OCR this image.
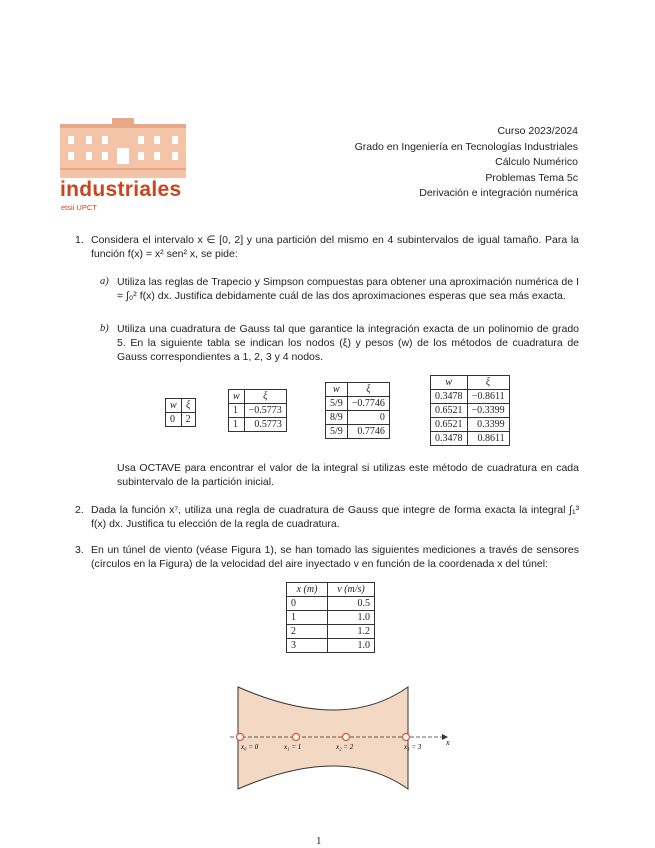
industriales
etsii UPCT
Curso 2023/2024
Grado en Ingeniería en Tecnologías Industriales
Cálculo Numérico
Problemas Tema 5c
Derivación e integración numérica
1. Considera el intervalo x ∈ [0, 2] y una partición del mismo en 4 subintervalos de igual tamaño. Para la función f(x) = x² sen² x, se pide:

a) Utiliza las reglas de Trapecio y Simpson compuestas para obtener una aproximación numérica de I = ∫₀² f(x) dx. Justifica debidamente cuál de las dos aproximaciones esperas que sea más exacta.

b) Utiliza una cuadratura de Gauss tal que garantice la integración exacta de un polinomio de grado 5. En la siguiente tabla se indican los nodos (ξ) y pesos (w) de los métodos de cuadratura de Gauss correspondientes a 1, 2, 3 y 4 nodos.

w	ξ
0	2
w	ξ
1	−0.5773
1	0.5773
w	ξ
5/9	−0.7746
8/9	0
5/9	0.7746
w	ξ
0.3478	−0.8611
0.6521	−0.3399
0.6521	0.3399
0.3478	0.8611

Usa OCTAVE para encontrar el valor de la integral si utilizas este método de cuadratura en cada subintervalo de la partición inicial.

2. Dada la función x⁷, utiliza una regla de cuadratura de Gauss que integre de forma exacta la integral ∫₁³ f(x) dx. Justifica tu elección de la regla de cuadratura.

3. En un túnel de viento (véase Figura 1), se han tomado las siguientes mediciones a través de sensores (círculos en la Figura) de la velocidad del aire inyectado v en función de la coordenada x del túnel:

x (m)	v (m/s)
0	0.5
1	1.0
2	1.2
3	1.0
x
x₀ = 0	x₁ = 1	x₂ = 2	x₃ = 3
1
